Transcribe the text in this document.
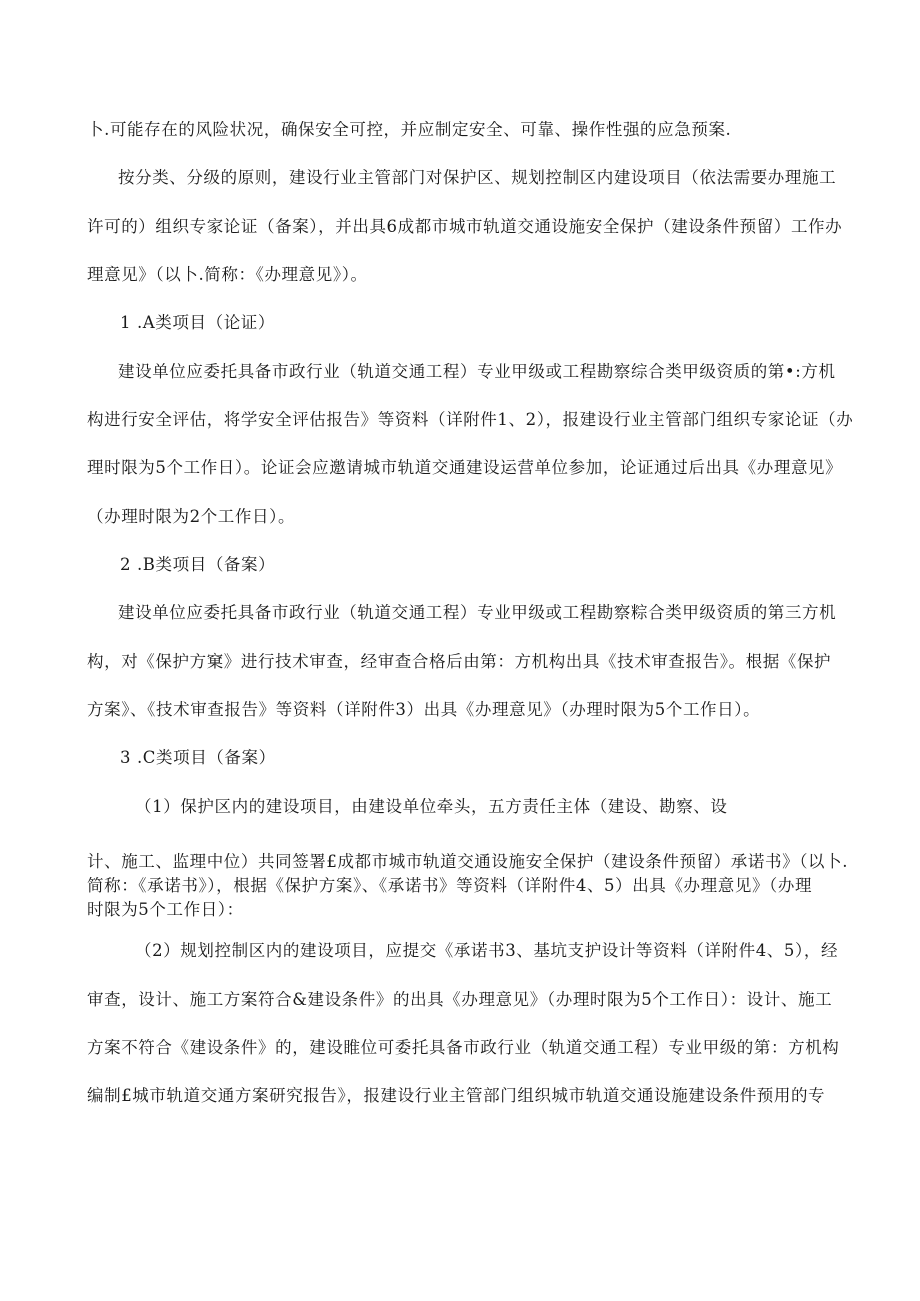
卜.可能存在的风险状况，确保安全可控，并应制定安全、可靠、操作性强的应急预案.
按分类、分级的原则，建设行业主管部门对保护区、规划控制区内建设项目（依法需要办理施工
许可的）组织专家论证（备案），并出具6成都市城市轨道交通设施安全保护（建设条件预留）工作办
理意见》（以卜.简称：《办理意见》）。
1 .A类项目（论证）
建设单位应委托具备市政行业（轨道交通工程）专业甲级或工程勘察综合类甲级资质的第•:方机
构进行安全评估，将学安全评估报告》等资料（详附件1、2），报建设行业主管部门组织专家论证（办
理时限为5个工作日）。论证会应邀请城市轨道交通建设运营单位参加，论证通过后出具《办理意见》
（办理时限为2个工作日）。
2 .B类项目（备案）
建设单位应委托具备市政行业（轨道交通工程）专业甲级或工程勘察粽合类甲级资质的第三方机
构，对《保护方窠》进行技术审查，经审查合格后由第：方机构出具《技术审查报告》。根据《保护
方案》、《技术审查报告》等资料（详附件3）出具《办理意见》（办理时限为5个工作日）。
3 .C类项目（备案）
（1）保护区内的建设项目，由建设单位牵头，五方责任主体（建设、勘察、设
计、施工、监理中位）共同签署£成都市城市轨道交通设施安全保护（建设条件预留）承诺书》（以卜.
简称：《承诺书》），根据《保护方案》、《承诺书》等资料（详附件4、5）出具《办理意见》（办理
时限为5个工作日）：
（2）规划控制区内的建设项目，应提交《承诺书3、基坑支护设计等资料（详附件4、5），经
审查，设计、施工方案符合&建设条件》的出具《办理意见》（办理时限为5个工作日）：设计、施工
方案不符合《建设条件》的，建设睢位可委托具备市政行业（轨道交通工程）专业甲级的第：方机构
编制£城市轨道交通方案研究报告》，报建设行业主管部门组织城市轨道交通设施建设条件预用的专
